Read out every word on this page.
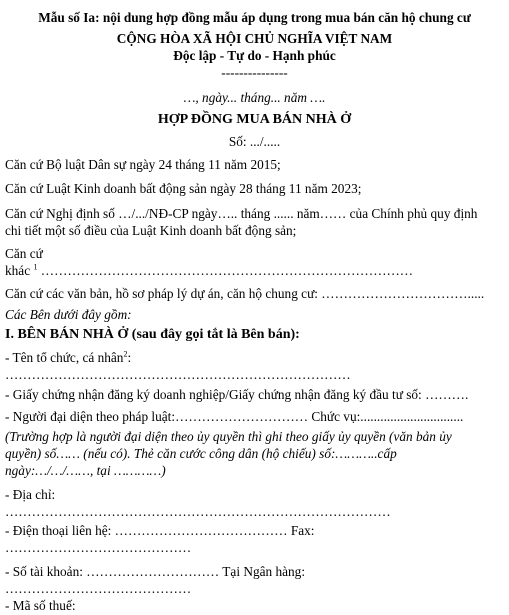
Mẫu số Ia: nội dung hợp đồng mẫu áp dụng trong mua bán căn hộ chung cư
CỘNG HÒA XÃ HỘI CHỦ NGHĨA VIỆT NAM
Độc lập - Tự do - Hạnh phúc
---------------
…, ngày... tháng... năm ….
HỢP ĐỒNG MUA BÁN NHÀ Ở
Số: .../.....
Căn cứ Bộ luật Dân sự ngày 24 tháng 11 năm 2015;
Căn cứ Luật Kinh doanh bất động sản ngày 28 tháng 11 năm 2023;
Căn cứ Nghị định số …/.../NĐ-CP ngày….. tháng ...... năm…… của Chính phủ quy định
chi tiết một số điều của Luật Kinh doanh bất động sản;
Căn cứ
khác $^1$ …………………………………………………………………………
Căn cứ các văn bản, hồ sơ pháp lý dự án, căn hộ chung cư: …………………………….....
Các Bên dưới đây gồm:
I. BÊN BÁN NHÀ Ở (sau đây gọi tắt là Bên bán):
- Tên tổ chức, cá nhân$^2$:
……………………………………………………………………
- Giấy chứng nhận đăng ký doanh nghiệp/Giấy chứng nhận đăng ký đầu tư số: ……….
- Người đại diện theo pháp luật:………………………… Chức vụ:...............................
(Trường hợp là người đại diện theo ủy quyền thì ghi theo giấy ủy quyền (văn bản ủy
quyền) số…… (nếu có). Thẻ căn cước công dân (hộ chiếu) số:………..cấp
ngày:…/…/……, tại …………)
- Địa chỉ:
……………………………………………………………………………
- Điện thoại liên hệ: ………………………………… Fax:
……………………………………
- Số tài khoản: ………………………… Tại Ngân hàng:
……………………………………
- Mã số thuế:
